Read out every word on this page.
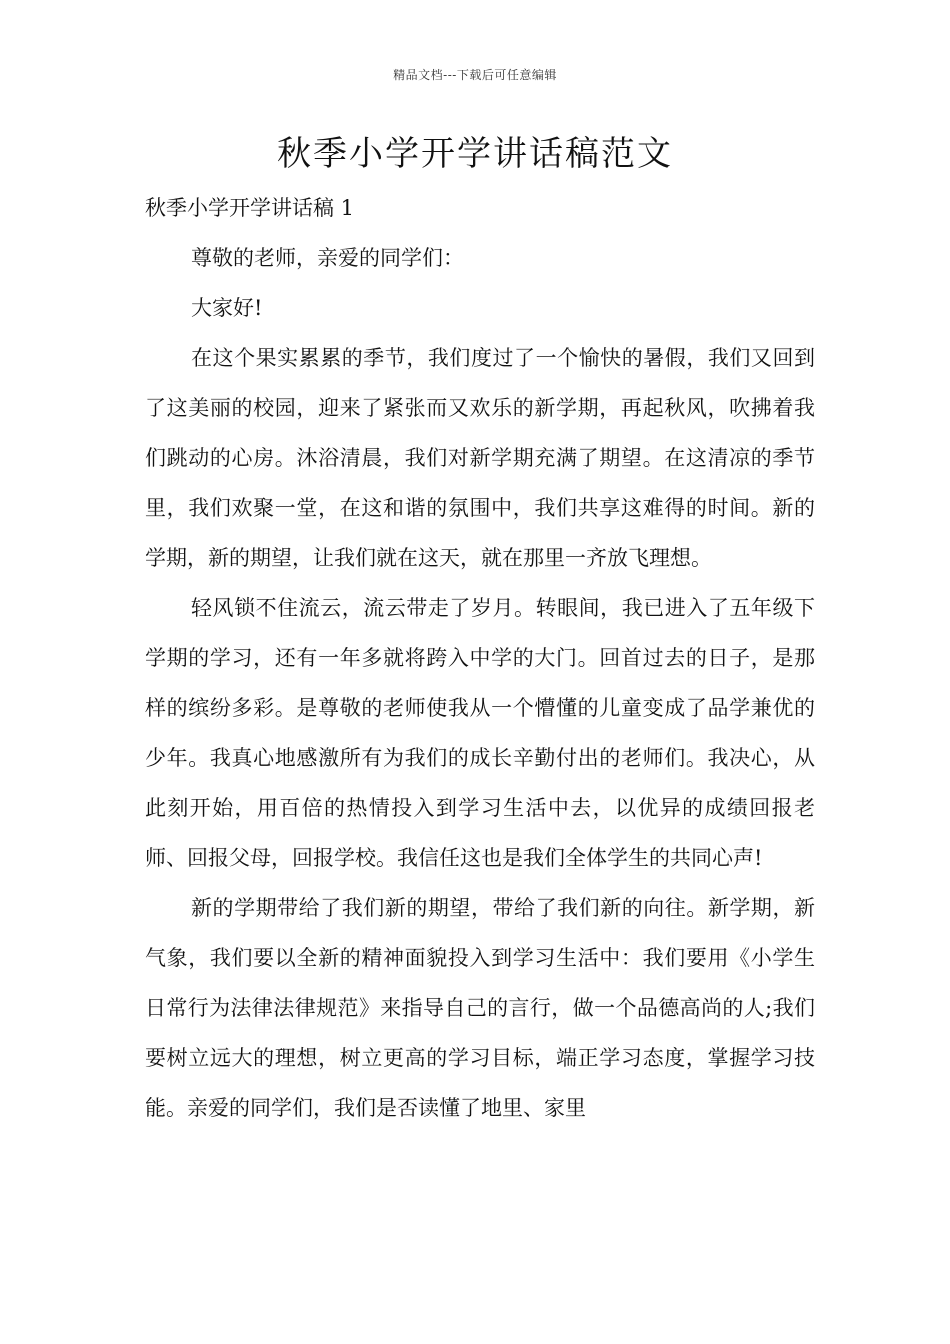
精品文档---下载后可任意编辑
秋季小学开学讲话稿范文
秋季小学开学讲话稿 1

尊敬的老师，亲爱的同学们：

大家好!

在这个果实累累的季节，我们度过了一个愉快的暑假，我们又回到了这美丽的校园，迎来了紧张而又欢乐的新学期，再起秋风，吹拂着我们跳动的心房。沐浴清晨，我们对新学期充满了期望。在这清凉的季节里，我们欢聚一堂，在这和谐的氛围中，我们共享这难得的时间。新的学期，新的期望，让我们就在这天，就在那里一齐放飞理想。

轻风锁不住流云，流云带走了岁月。转眼间，我已进入了五年级下学期的学习，还有一年多就将跨入中学的大门。回首过去的日子，是那样的缤纷多彩。是尊敬的老师使我从一个懵懂的儿童变成了品学兼优的少年。我真心地感激所有为我们的成长辛勤付出的老师们。我决心，从此刻开始，用百倍的热情投入到学习生活中去，以优异的成绩回报老师、回报父母，回报学校。我信任这也是我们全体学生的共同心声!

新的学期带给了我们新的期望，带给了我们新的向往。新学期，新气象，我们要以全新的精神面貌投入到学习生活中：我们要用《小学生日常行为法律法律规范》来指导自己的言行，做一个品德高尚的人;我们要树立远大的理想，树立更高的学习目标，端正学习态度，掌握学习技能。亲爱的同学们，我们是否读懂了地里、家里
